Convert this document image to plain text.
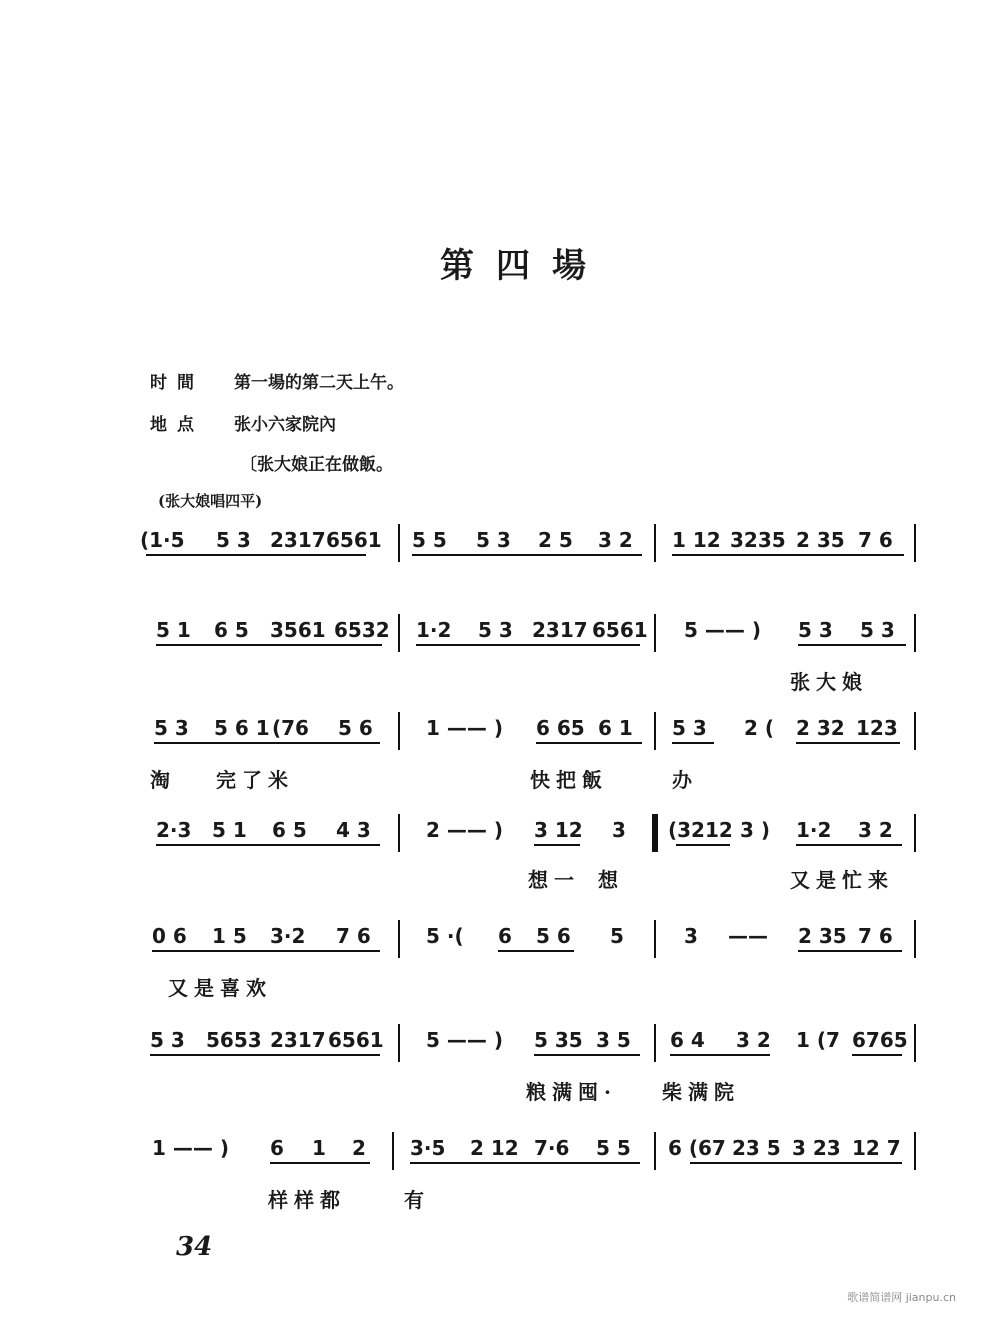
第四場
时間 第一場的第二天上午。
地点 张小六家院內
〔张大娘正在做飯。
(张大娘唱四平)
(1·5 5 3 2317 6561 5 5 5 3 2 5 3 2 1 12 3235 2 35 7 6
5 1 6 5 3561 6532 1·2 5 3 2317 6561 5 —— ) 5 3 5 3
张大娘
5 3 5 6 1 (76 5 6	1 —— ) 6 65 6 1 5 3 2 ( 2 32 123
淘 完了米	快把飯	办
2·3 5 1 6 5 4 3	2 —— ) 3 12 3 (3212 3 ) 1·2 3 2
想一 想	又是忙来
0 6 1 5 3·2 7 6	5 ·( 6 5 6 5	3 —— 2 35 7 6
又是喜欢
5 3 5653 2317 6561 5 —— ) 5 35 3 5 6 4 3 2 1 (7 6765
粮满囤· 柴满院
1 —— ) 6 1 2 3·5 2 12 7·6 5 5 6 (67 23 5 3 23 12 7
样样都	有
34
歌谱简谱网 jianpu.cn
